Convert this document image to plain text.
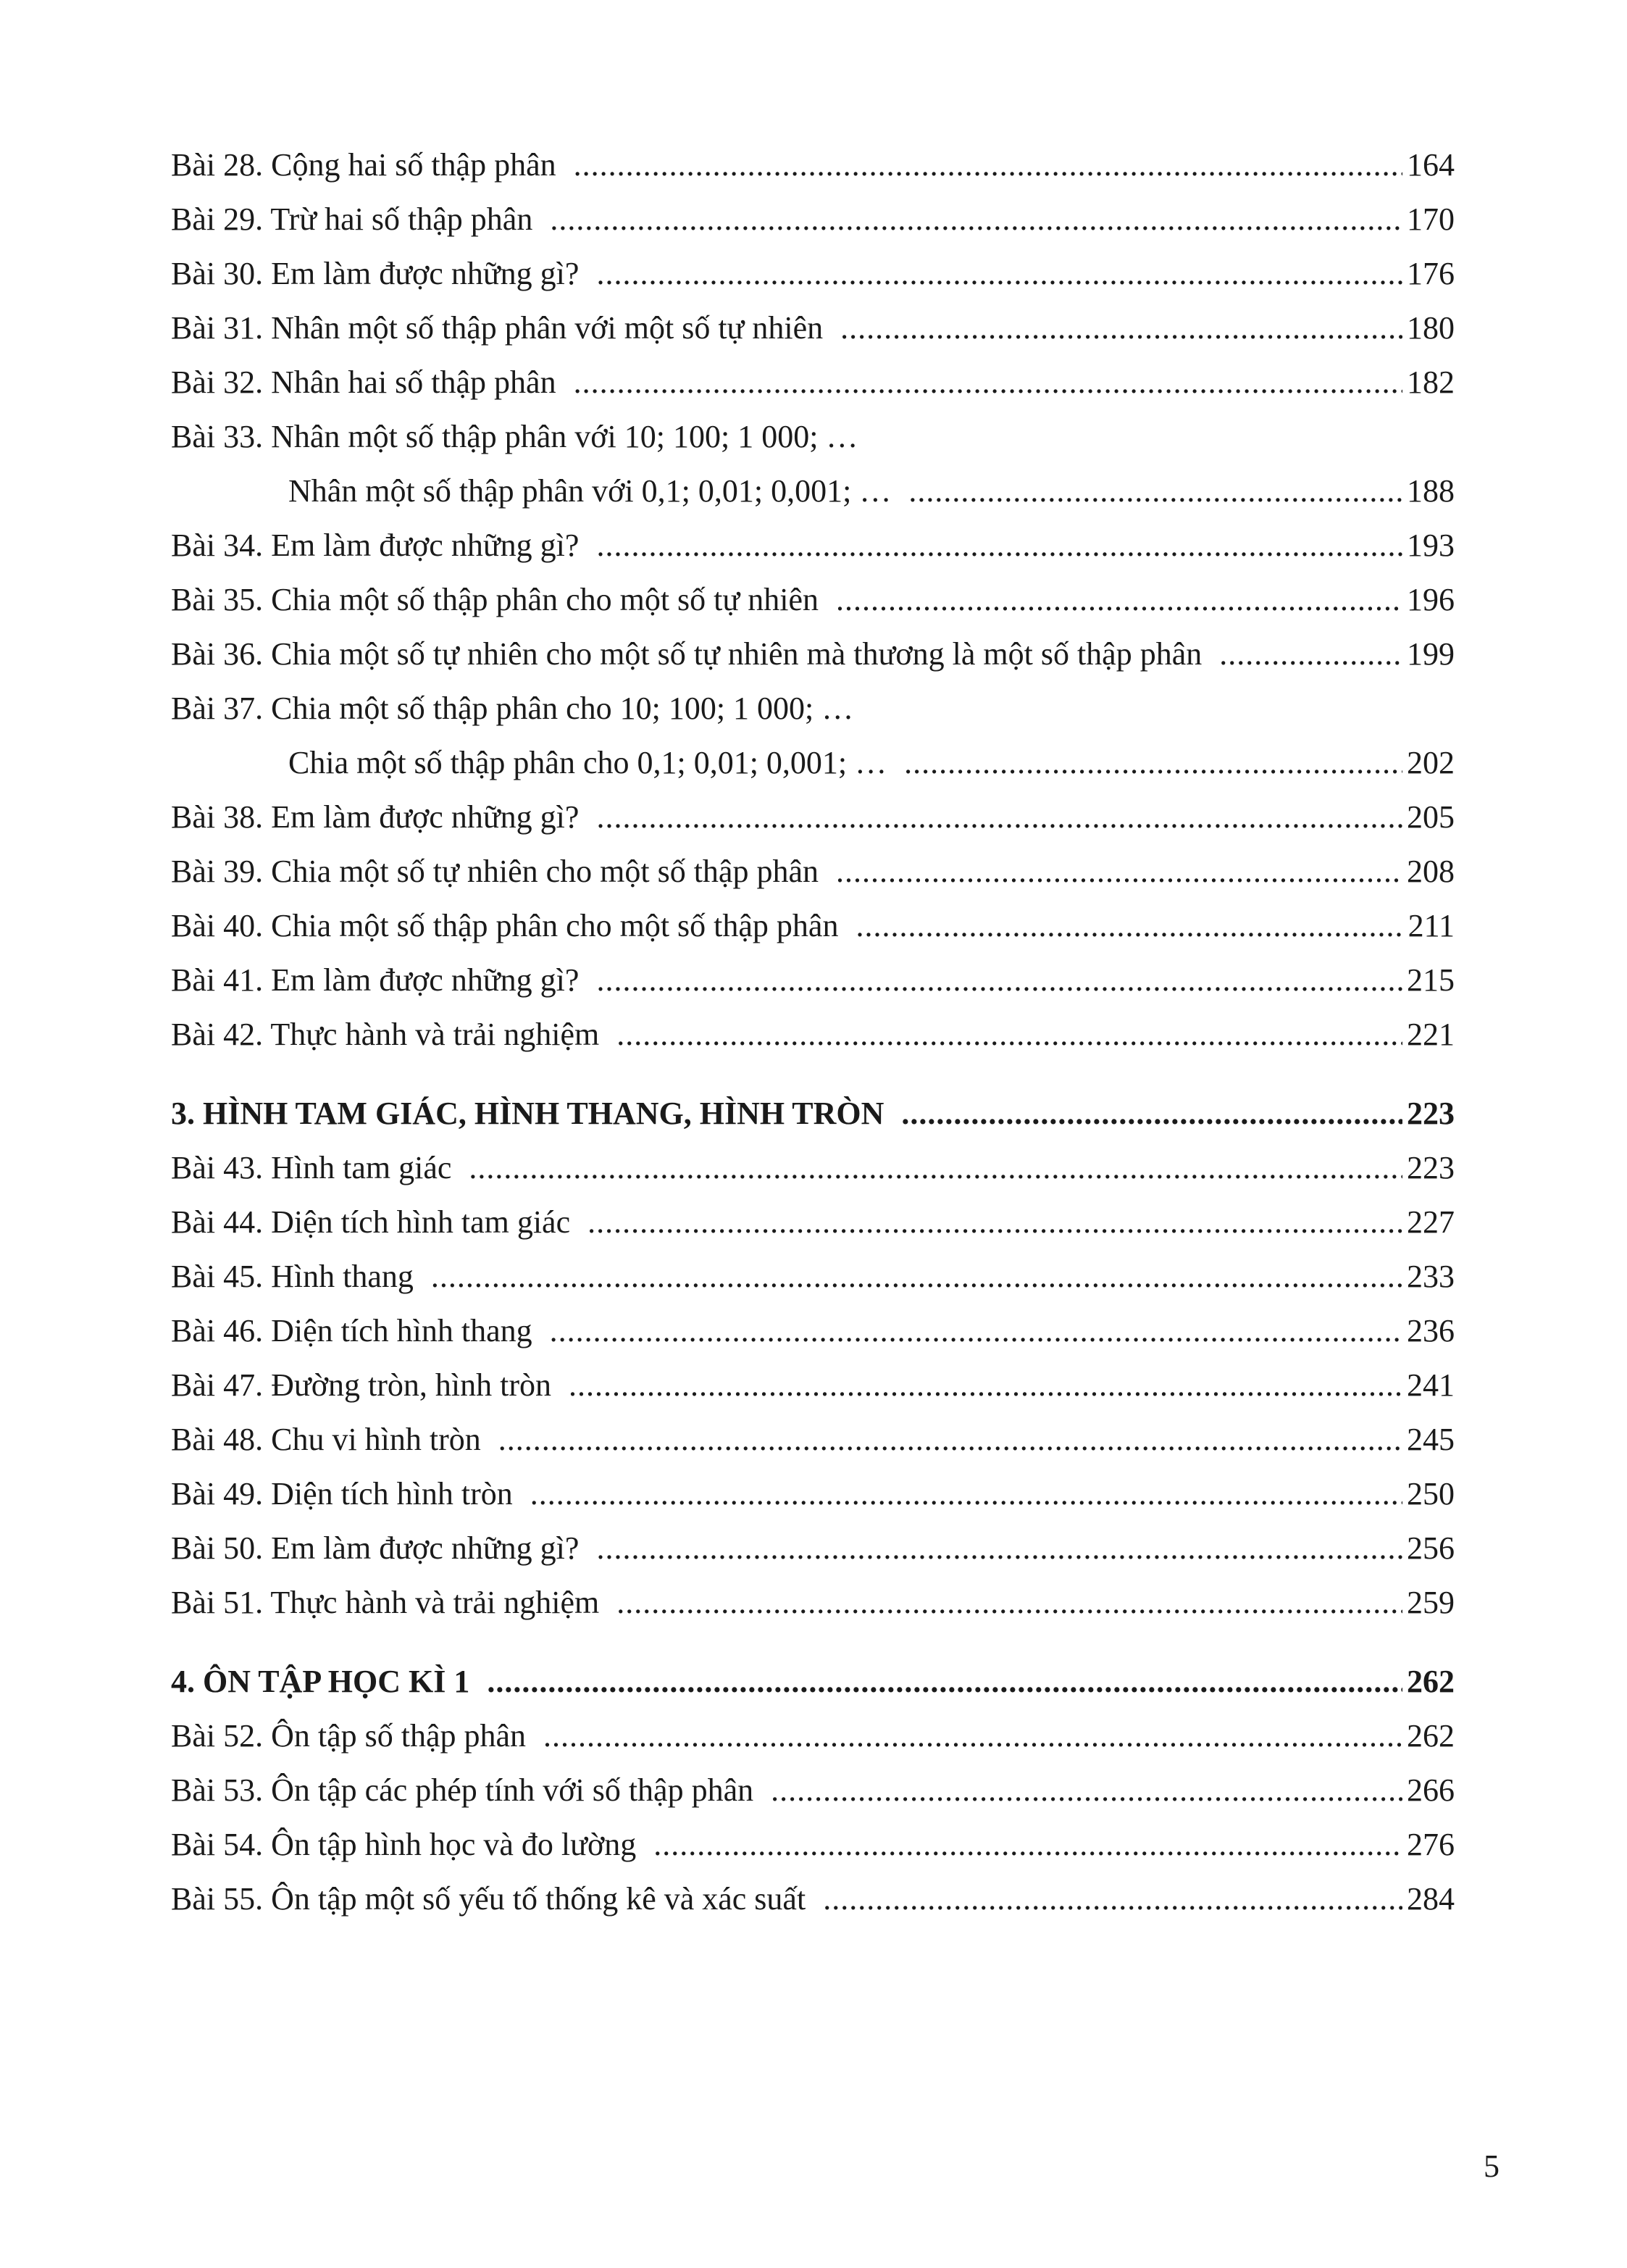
Bài 28. Cộng hai số thập phân .....	164
Bài 29. Trừ hai số thập phân .....	170
Bài 30. Em làm được những gì? .....	176
Bài 31. Nhân một số thập phân với một số tự nhiên .....	180
Bài 32. Nhân hai số thập phân .....	182
Bài 33. Nhân một số thập phân với 10; 100; 1 000; …
Nhân một số thập phân với 0,1; 0,01; 0,001; … .....	188
Bài 34. Em làm được những gì? .....	193
Bài 35. Chia một số thập phân cho một số tự nhiên .....	196
Bài 36. Chia một số tự nhiên cho một số tự nhiên mà thương là một số thập phân .....	199
Bài 37. Chia một số thập phân cho 10; 100; 1 000; …
Chia một số thập phân cho 0,1; 0,01; 0,001; … .....	202
Bài 38. Em làm được những gì? .....	205
Bài 39. Chia một số tự nhiên cho một số thập phân .....	208
Bài 40. Chia một số thập phân cho một số thập phân .....	211
Bài 41. Em làm được những gì? .....	215
Bài 42. Thực hành và trải nghiệm .....	221
3. HÌNH TAM GIÁC, HÌNH THANG, HÌNH TRÒN .....	223
Bài 43. Hình tam giác .....	223
Bài 44. Diện tích hình tam giác .....	227
Bài 45. Hình thang .....	233
Bài 46. Diện tích hình thang .....	236
Bài 47. Đường tròn, hình tròn .....	241
Bài 48. Chu vi hình tròn .....	245
Bài 49. Diện tích hình tròn .....	250
Bài 50. Em làm được những gì? .....	256
Bài 51. Thực hành và trải nghiệm .....	259
4. ÔN TẬP HỌC KÌ 1 .....	262
Bài 52. Ôn tập số thập phân .....	262
Bài 53. Ôn tập các phép tính với số thập phân .....	266
Bài 54. Ôn tập hình học và đo lường .....	276
Bài 55. Ôn tập một số yếu tố thống kê và xác suất .....	284
5
